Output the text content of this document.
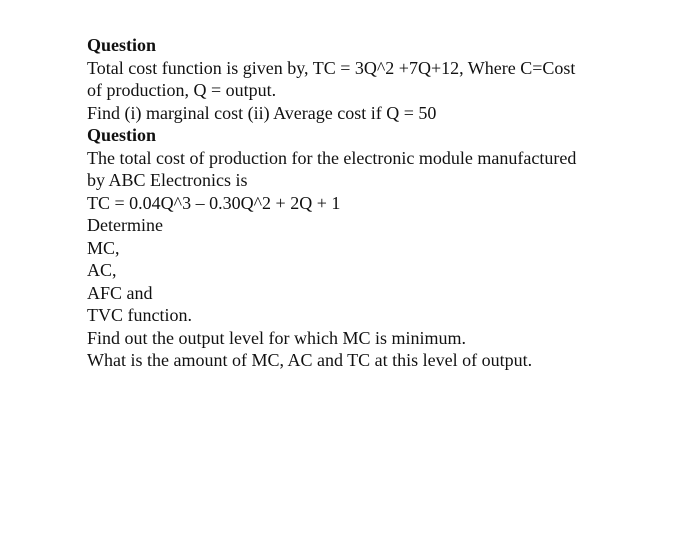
Question
Total cost function is given by, TC = 3Q^2 +7Q+12, Where C=Cost
of production, Q = output.
Find (i) marginal cost (ii) Average cost if Q = 50
Question
The total cost of production for the electronic module manufactured
by ABC Electronics is
TC = 0.04Q^3 – 0.30Q^2 + 2Q + 1
Determine
MC,
AC,
AFC and
TVC function.
Find out the output level for which MC is minimum.
What is the amount of MC, AC and TC at this level of output.
